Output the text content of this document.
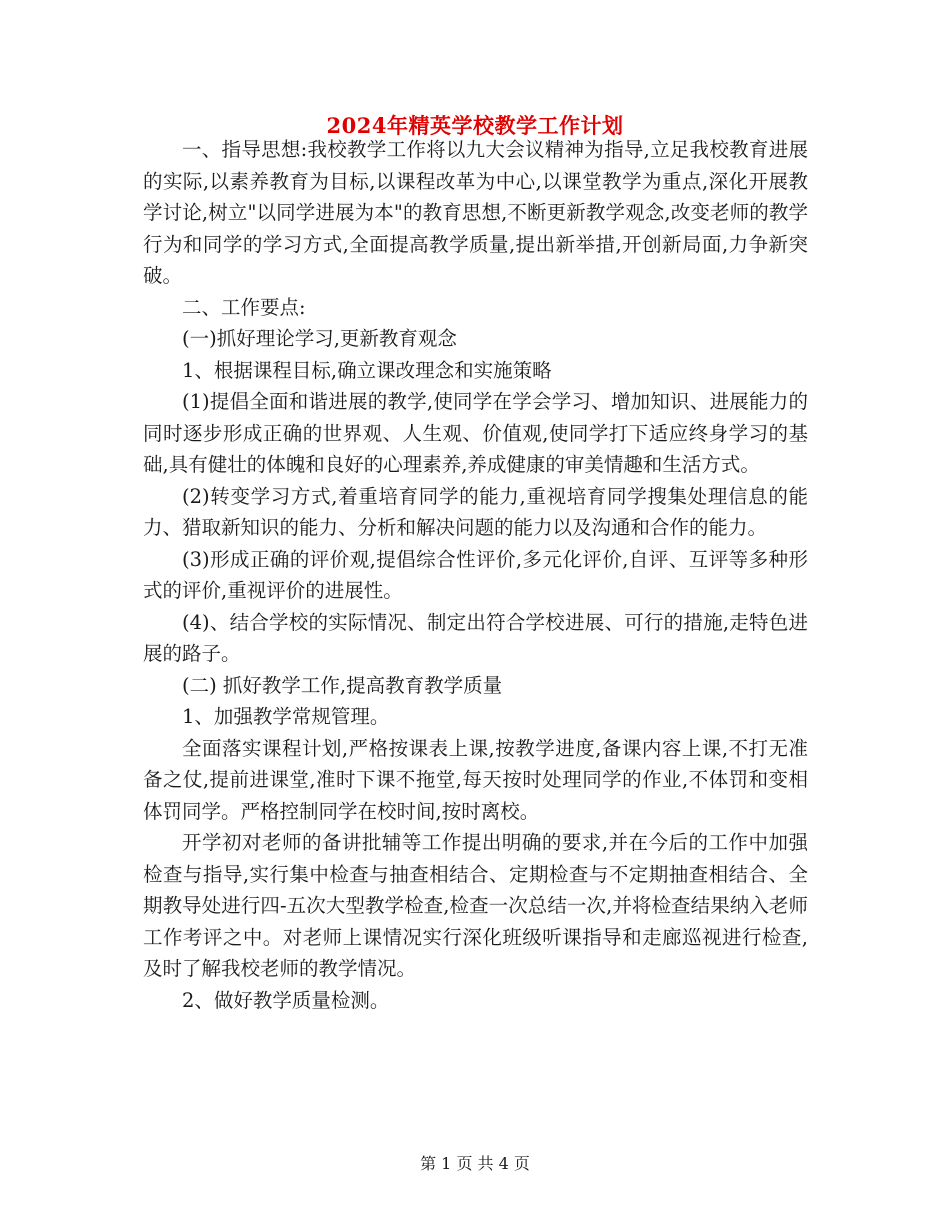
2024年精英学校教学工作计划

一、指导思想:我校教学工作将以九大会议精神为指导,立足我校教育进展的实际,以素养教育为目标,以课程改革为中心,以课堂教学为重点,深化开展教学讨论,树立"以同学进展为本"的教育思想,不断更新教学观念,改变老师的教学行为和同学的学习方式,全面提高教学质量,提出新举措,开创新局面,力争新突破。

二、工作要点:

(一)抓好理论学习,更新教育观念

1、根据课程目标,确立课改理念和实施策略

(1)提倡全面和谐进展的教学,使同学在学会学习、增加知识、进展能力的同时逐步形成正确的世界观、人生观、价值观,使同学打下适应终身学习的基础,具有健壮的体魄和良好的心理素养,养成健康的审美情趣和生活方式。

(2)转变学习方式,着重培育同学的能力,重视培育同学搜集处理信息的能力、猎取新知识的能力、分析和解决问题的能力以及沟通和合作的能力。

(3)形成正确的评价观,提倡综合性评价,多元化评价,自评、互评等多种形式的评价,重视评价的进展性。

(4)、结合学校的实际情况、制定出符合学校进展、可行的措施,走特色进展的路子。

(二) 抓好教学工作,提高教育教学质量

1、加强教学常规管理。

全面落实课程计划,严格按课表上课,按教学进度,备课内容上课,不打无准备之仗,提前进课堂,准时下课不拖堂,每天按时处理同学的作业,不体罚和变相体罚同学。严格控制同学在校时间,按时离校。

开学初对老师的备讲批辅等工作提出明确的要求,并在今后的工作中加强检查与指导,实行集中检查与抽查相结合、定期检查与不定期抽查相结合、全期教导处进行四-五次大型教学检查,检查一次总结一次,并将检查结果纳入老师工作考评之中。对老师上课情况实行深化班级听课指导和走廊巡视进行检查,及时了解我校老师的教学情况。

2、做好教学质量检测。

第 1 页 共 4 页
